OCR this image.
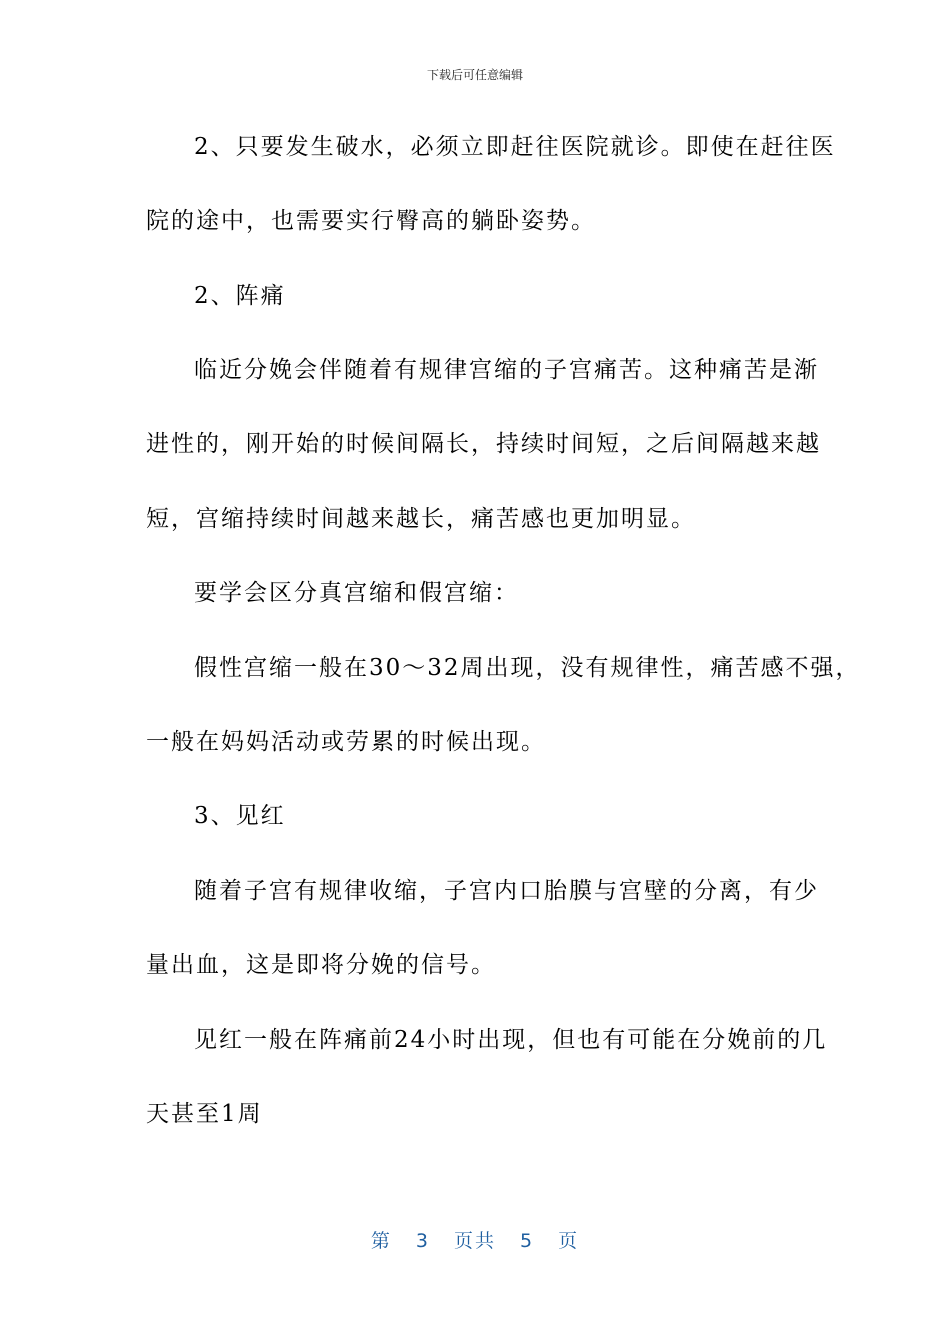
下载后可任意编辑
2、只要发生破水，必须立即赶往医院就诊。即使在赶往医
院的途中，也需要实行臀高的躺卧姿势。
2、阵痛
临近分娩会伴随着有规律宫缩的子宫痛苦。这种痛苦是渐
进性的，刚开始的时候间隔长，持续时间短，之后间隔越来越
短，宫缩持续时间越来越长，痛苦感也更加明显。
要学会区分真宫缩和假宫缩：
假性宫缩一般在30～32周出现，没有规律性，痛苦感不强，
一般在妈妈活动或劳累的时候出现。
3、见红
随着子宫有规律收缩，子宫内口胎膜与宫壁的分离，有少
量出血，这是即将分娩的信号。
见红一般在阵痛前24小时出现，但也有可能在分娩前的几
天甚至1周
第 3 页共 5 页
